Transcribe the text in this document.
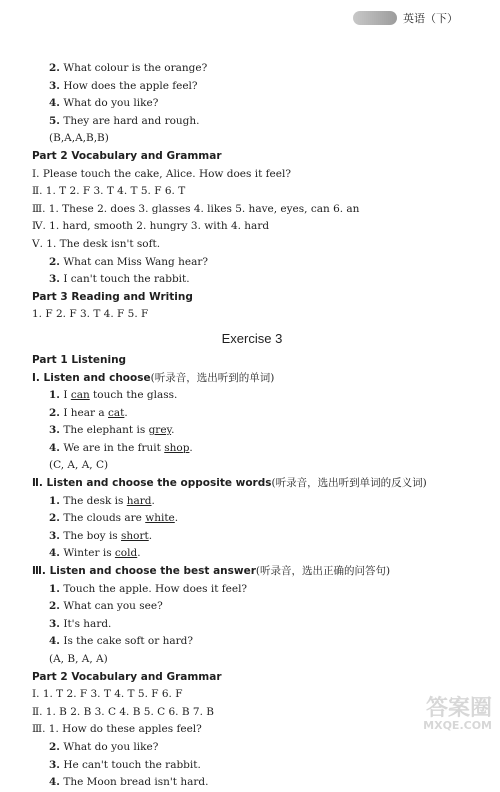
英语（下）
2. What colour is the orange?
3. How does the apple feel?
4. What do you like?
5. They are hard and rough.
(B,A,A,B,B)
Part 2 Vocabulary and Grammar
Ⅰ. Please touch the cake, Alice. How does it feel?
Ⅱ. 1. T 2. F 3. T 4. T 5. F 6. T
Ⅲ. 1. These 2. does 3. glasses 4. likes 5. have, eyes, can 6. an
Ⅳ. 1. hard, smooth 2. hungry 3. with 4. hard
Ⅴ. 1. The desk isn't soft.
2. What can Miss Wang hear?
3. I can't touch the rabbit.
Part 3 Reading and Writing
1. F 2. F 3. T 4. F 5. F
Exercise 3
Part 1 Listening
Ⅰ. Listen and choose(听录音，选出听到的单词)
1. I can touch the glass.
2. I hear a cat.
3. The elephant is grey.
4. We are in the fruit shop.
(C, A, A, C)
Ⅱ. Listen and choose the opposite words(听录音，选出听到单词的反义词)
1. The desk is hard.
2. The clouds are white.
3. The boy is short.
4. Winter is cold.
Ⅲ. Listen and choose the best answer(听录音，选出正确的问答句)
1. Touch the apple. How does it feel?
2. What can you see?
3. It's hard.
4. Is the cake soft or hard?
(A, B, A, A)
Part 2 Vocabulary and Grammar
Ⅰ. 1. T 2. F 3. T 4. T 5. F 6. F
Ⅱ. 1. B 2. B 3. C 4. B 5. C 6. B 7. B
Ⅲ. 1. How do these apples feel?
2. What do you like?
3. He can't touch the rabbit.
4. The Moon bread isn't hard.
答案圈
MXQE.COM
